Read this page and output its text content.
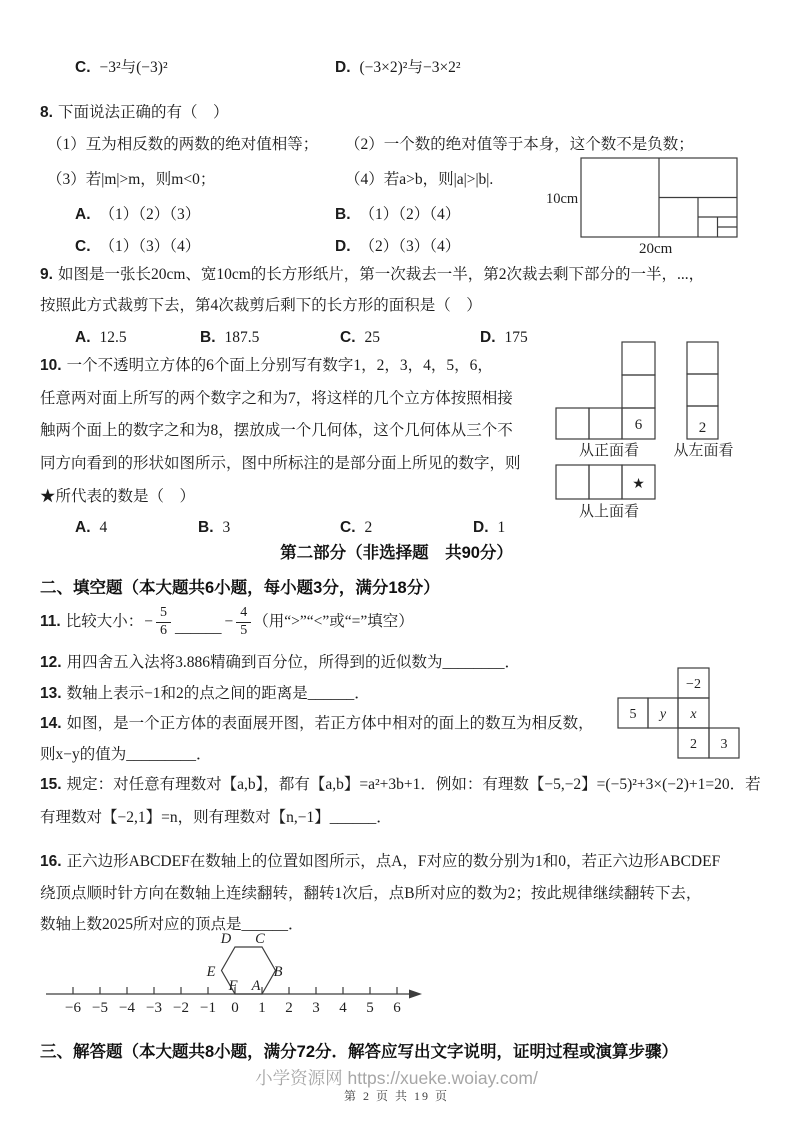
C. −3²与(−3)²	D. (−3×2)²与−3×2²
8. 下面说法正确的有（　）
（1）互为相反数的两数的绝对值相等； （2）一个数的绝对值等于本身，这个数不是负数；
（3）若|m|>m，则m<0；	（4）若a>b，则|a|>|b|.
A. （1）（2）（3）	B. （1）（2）（4）
C. （1）（3）（4）	D. （2）（3）（4）
10cm
20cm
9. 如图是一张长20cm、宽10cm的长方形纸片，第一次裁去一半，第2次裁去剩下部分的一半，...，
按照此方式裁剪下去，第4次裁剪后剩下的长方形的面积是（　）
A. 12.5	B. 187.5	C. 25	D. 175
10. 一个不透明立方体的6个面上分别写有数字1，2，3，4，5，6，
任意两对面上所写的两个数字之和为7，将这样的几个立方体按照相接
触两个面上的数字之和为8，摆放成一个几何体，这个几何体从三个不
同方向看到的形状如图所示，图中所标注的是部分面上所见的数字，则
★所代表的数是（　）
A. 4	B. 3	C. 2	D. 1
6
从正面看
2
从左面看
★
从上面看
第二部分（非选择题　共90分）
二、填空题（本大题共6小题，每小题3分，满分18分）
11. 比较大小： − $\frac{5}{6}$ ______ − $\frac{4}{5}$ （用“>”“<”或“=”填空）
12. 用四舍五入法将3.886精确到百分位，所得到的近似数为________．
13. 数轴上表示−1和2的点之间的距离是______．
14. 如图，是一个正方体的表面展开图，若正方体中相对的面上的数互为相反数，
则x−y的值为_________．
−2
5 y x
2 3
15. 规定：对任意有理数对【a,b】，都有【a,b】=a²+3b+1．例如：有理数【−5,−2】=(−5)²+3×(−2)+1=20．若
有理数对【−2,1】=n，则有理数对【n,−1】______．
16. 正六边形ABCDEF在数轴上的位置如图所示，点A，F对应的数分别为1和0，若正六边形ABCDEF
绕顶点顺时针方向在数轴上连续翻转，翻转1次后，点B所对应的数为2；按此规律继续翻转下去，
数轴上数2025所对应的顶点是______．
−6 −5 −4 −3 −2 −1 0 1 2 3 4 5 6
D C
E	B
F A
三、解答题（本大题共8小题，满分72分．解答应写出文字说明，证明过程或演算步骤）
小学资源网 https://xueke.woiay.com/
第 2 页 共 19 页
